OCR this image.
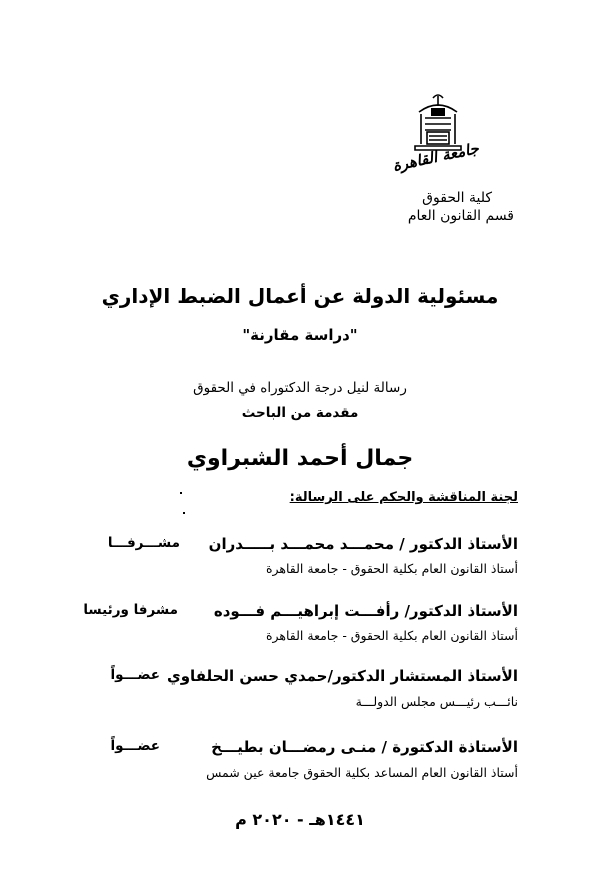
جامعة القاهرة
كلية الحقوق
قسم القانون العام
مسئولية الدولة عن أعمال الضبط الإداري
"دراسة مقارنة"
رسالة لنيل درجة الدكتوراه في الحقوق
مقدمة من الباحث
جمال أحمد الشبراوي
لجنة المناقشة والحكم على الرسالة:
الأستاذ الدكتور / محمـــد محمـــد بـــــدران
أستاذ القانون العام بكلية الحقوق - جامعة القاهرة
مشـــرفـــا
الأستاذ الدكتور/ رأفـــت إبراهيـــم فـــوده
أستاذ القانون العام بكلية الحقوق - جامعة القاهرة
مشرفا ورئيسا
الأستاذ المستشار الدكتور/حمدي حسن الحلفاوي
نائـــب رئيـــس مجلس الدولـــة
عضـــواً
الأستاذة الدكتورة / منـى رمضـــان بطيـــخ
أستاذ القانون العام المساعد بكلية الحقوق جامعة عين شمس
عضـــواً
١٤٤١هـ - ٢٠٢٠ م
